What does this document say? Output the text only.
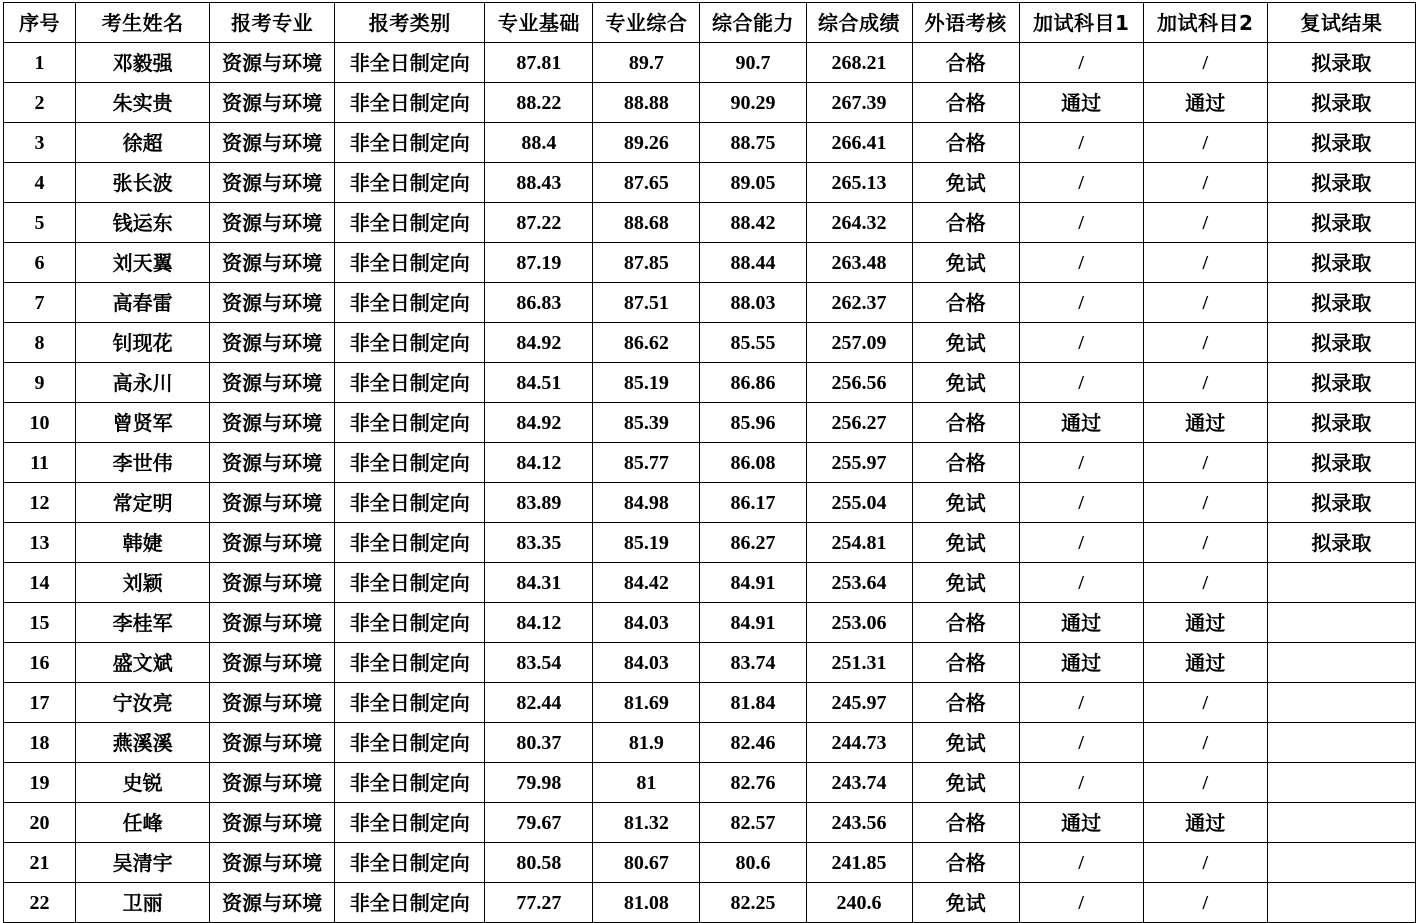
序号	考生姓名	报考专业	报考类别	专业基础	专业综合	综合能力	综合成绩	外语考核	加试科目1	加试科目2	复试结果
1	邓毅强	资源与环境	非全日制定向	87.81	89.7	90.7	268.21	合格	/	/	拟录取
2	朱实贵	资源与环境	非全日制定向	88.22	88.88	90.29	267.39	合格	通过	通过	拟录取
3	徐超	资源与环境	非全日制定向	88.4	89.26	88.75	266.41	合格	/	/	拟录取
4	张长波	资源与环境	非全日制定向	88.43	87.65	89.05	265.13	免试	/	/	拟录取
5	钱运东	资源与环境	非全日制定向	87.22	88.68	88.42	264.32	合格	/	/	拟录取
6	刘天翼	资源与环境	非全日制定向	87.19	87.85	88.44	263.48	免试	/	/	拟录取
7	高春雷	资源与环境	非全日制定向	86.83	87.51	88.03	262.37	合格	/	/	拟录取
8	钊现花	资源与环境	非全日制定向	84.92	86.62	85.55	257.09	免试	/	/	拟录取
9	高永川	资源与环境	非全日制定向	84.51	85.19	86.86	256.56	免试	/	/	拟录取
10	曾贤军	资源与环境	非全日制定向	84.92	85.39	85.96	256.27	合格	通过	通过	拟录取
11	李世伟	资源与环境	非全日制定向	84.12	85.77	86.08	255.97	合格	/	/	拟录取
12	常定明	资源与环境	非全日制定向	83.89	84.98	86.17	255.04	免试	/	/	拟录取
13	韩婕	资源与环境	非全日制定向	83.35	85.19	86.27	254.81	免试	/	/	拟录取
14	刘颖	资源与环境	非全日制定向	84.31	84.42	84.91	253.64	免试	/	/	
15	李桂军	资源与环境	非全日制定向	84.12	84.03	84.91	253.06	合格	通过	通过	
16	盛文斌	资源与环境	非全日制定向	83.54	84.03	83.74	251.31	合格	通过	通过	
17	宁汝亮	资源与环境	非全日制定向	82.44	81.69	81.84	245.97	合格	/	/	
18	燕溪溪	资源与环境	非全日制定向	80.37	81.9	82.46	244.73	免试	/	/	
19	史锐	资源与环境	非全日制定向	79.98	81	82.76	243.74	免试	/	/	
20	任峰	资源与环境	非全日制定向	79.67	81.32	82.57	243.56	合格	通过	通过	
21	吴清宇	资源与环境	非全日制定向	80.58	80.67	80.6	241.85	合格	/	/	
22	卫丽	资源与环境	非全日制定向	77.27	81.08	82.25	240.6	免试	/	/	
